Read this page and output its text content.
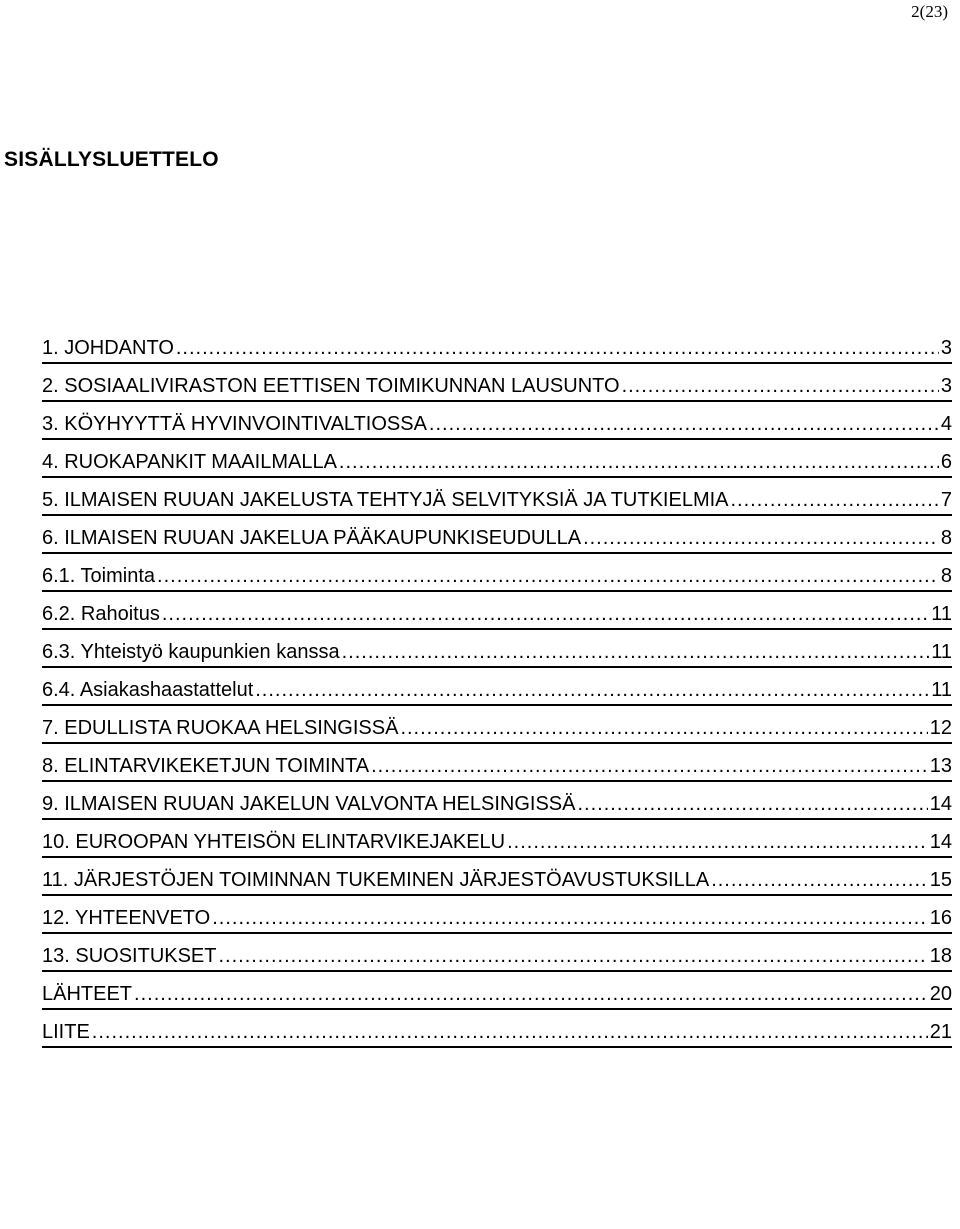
2(23)
SISÄLLYSLUETTELO
1. JOHDANTO .....	3
2. SOSIAALIVIRASTON EETTISEN TOIMIKUNNAN LAUSUNTO .....	3
3. KÖYHYYTTÄ HYVINVOINTIVALTIOSSA .....	4
4. RUOKAPANKIT MAAILMALLA .....	6
5. ILMAISEN RUUAN JAKELUSTA TEHTYJÄ SELVITYKSIÄ JA TUTKIELMIA .....	7
6. ILMAISEN RUUAN JAKELUA PÄÄKAUPUNKISEUDULLA .....	8
6.1. Toiminta .....	8
6.2. Rahoitus .....	11
6.3. Yhteistyö kaupunkien kanssa .....	11
6.4. Asiakashaastattelut .....	11
7. EDULLISTA RUOKAA HELSINGISSÄ .....	12
8. ELINTARVIKEKETJUN TOIMINTA .....	13
9. ILMAISEN RUUAN JAKELUN VALVONTA HELSINGISSÄ .....	14
10. EUROOPAN YHTEISÖN ELINTARVIKEJAKELU .....	14
11. JÄRJESTÖJEN TOIMINNAN TUKEMINEN JÄRJESTÖAVUSTUKSILLA .....	15
12. YHTEENVETO .....	16
13. SUOSITUKSET .....	18
LÄHTEET .....	20
LIITE .....	21
